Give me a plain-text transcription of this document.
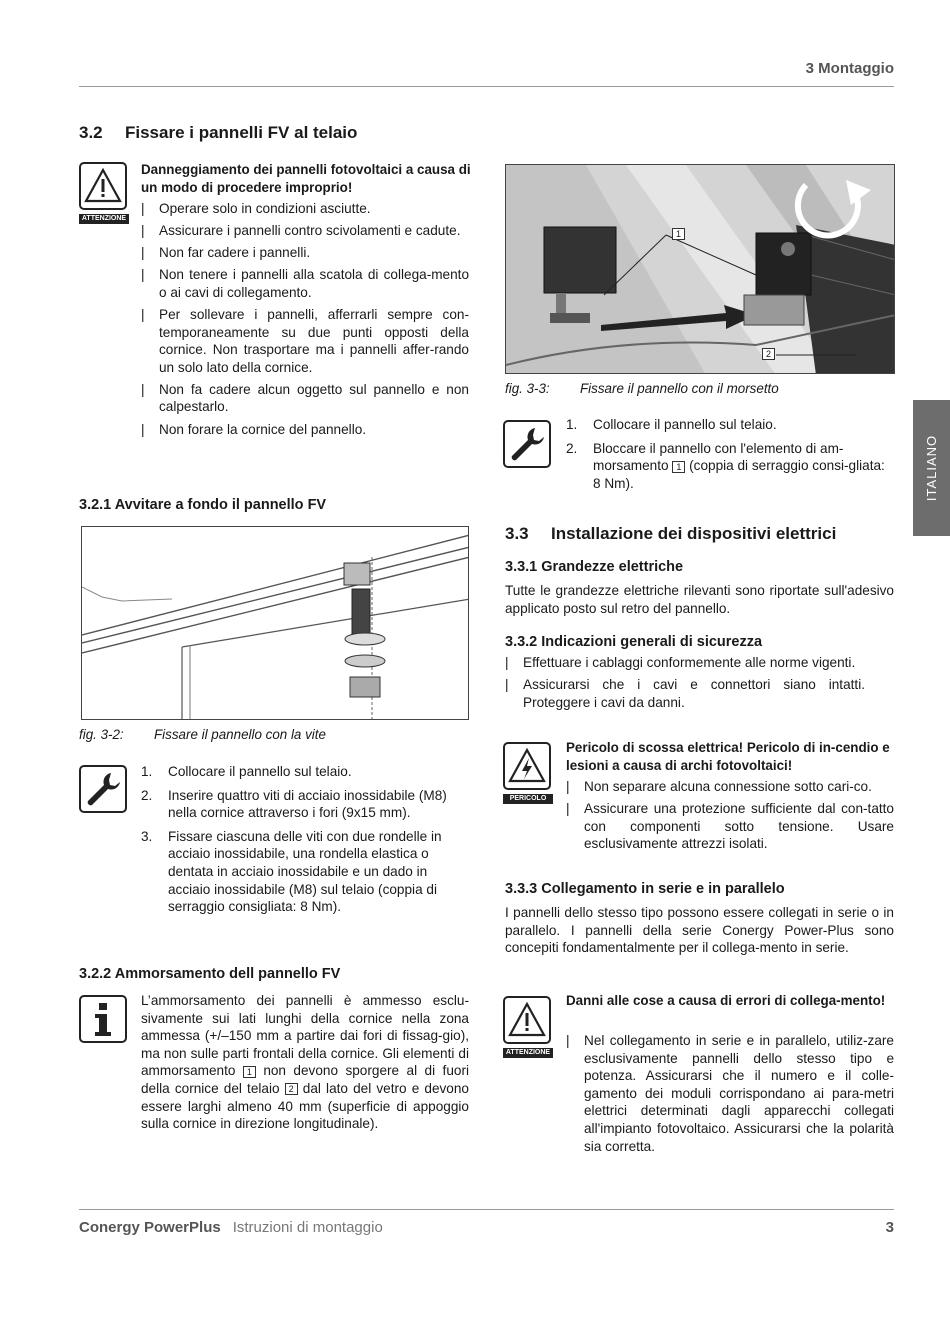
3 Montaggio
ITALIANO
3.2 Fissare i pannelli FV al telaio
ATTENZIONE
Danneggiamento dei pannelli fotovoltaici a causa di un modo di procedere improprio!
| Operare solo in condizioni asciutte.
| Assicurare i pannelli contro scivolamenti e cadute.
| Non far cadere i pannelli.
| Non tenere i pannelli alla scatola di collega-mento o ai cavi di collegamento.
| Per sollevare i pannelli, afferrarli sempre con-temporaneamente su due punti opposti della cornice. Non trasportare ma i pannelli affer-rando un solo lato della cornice.
| Non fa cadere alcun oggetto sul pannello e non calpestarlo.
| Non forare la cornice del pannello.
3.2.1 Avvitare a fondo il pannello FV
fig. 3-2: Fissare il pannello con la vite
1. Collocare il pannello sul telaio.
2. Inserire quattro viti di acciaio inossidabile (M8) nella cornice attraverso i fori (9x15 mm).
3. Fissare ciascuna delle viti con due rondelle in acciaio inossidabile, una rondella elastica o dentata in acciaio inossidabile e un dado in acciaio inossidabile (M8) sul telaio (coppia di serraggio consigliata: 8 Nm).
3.2.2 Ammorsamento dell pannello FV
L’ammorsamento dei pannelli è ammesso esclu-sivamente sui lati lunghi della cornice nella zona ammessa (+/–150 mm a partire dai fori di fissag-gio), ma non sulle parti frontali della cornice. Gli elementi di ammorsamento 1 non devono sporgere al di fuori della cornice del telaio 2 dal lato del vetro e devono essere larghi almeno 40 mm (superficie di appoggio sulla cornice in direzione longitudinale).
1
2
fig. 3-3: Fissare il pannello con il morsetto
1. Collocare il pannello sul telaio.
2. Bloccare il pannello con l'elemento di am-morsamento 1 (coppia di serraggio consi-gliata: 8 Nm).
3.3 Installazione dei dispositivi elettrici
3.3.1 Grandezze elettriche
Tutte le grandezze elettriche rilevanti sono riportate sull'adesivo applicato posto sul retro del pannello.
3.3.2 Indicazioni generali di sicurezza
| Effettuare i cablaggi conformemente alle norme vigenti.
| Assicurarsi che i cavi e connettori siano intatti. Proteggere i cavi da danni.
PERICOLO
Pericolo di scossa elettrica! Pericolo di in-cendio e lesioni a causa di archi fotovoltaici!
| Non separare alcuna connessione sotto cari-co.
| Assicurare una protezione sufficiente dal con-tatto con componenti sotto tensione. Usare esclusivamente attrezzi isolati.
3.3.3 Collegamento in serie e in parallelo
I pannelli dello stesso tipo possono essere collegati in serie o in parallelo. I pannelli della serie Conergy Power-Plus sono concepiti fondamentalmente per il collega-mento in serie.
ATTENZIONE
Danni alle cose a causa di errori di collega-mento!
| Nel collegamento in serie e in parallelo, utiliz-zare esclusivamente pannelli dello stesso tipo e potenza. Assicurarsi che il numero e il colle-gamento dei moduli corrispondano ai para-metri elettrici determinati dagli apparecchi collegati all'impianto fotovoltaico. Assicurarsi che la polarità sia corretta.
Conergy PowerPlus Istruzioni di montaggio	3
